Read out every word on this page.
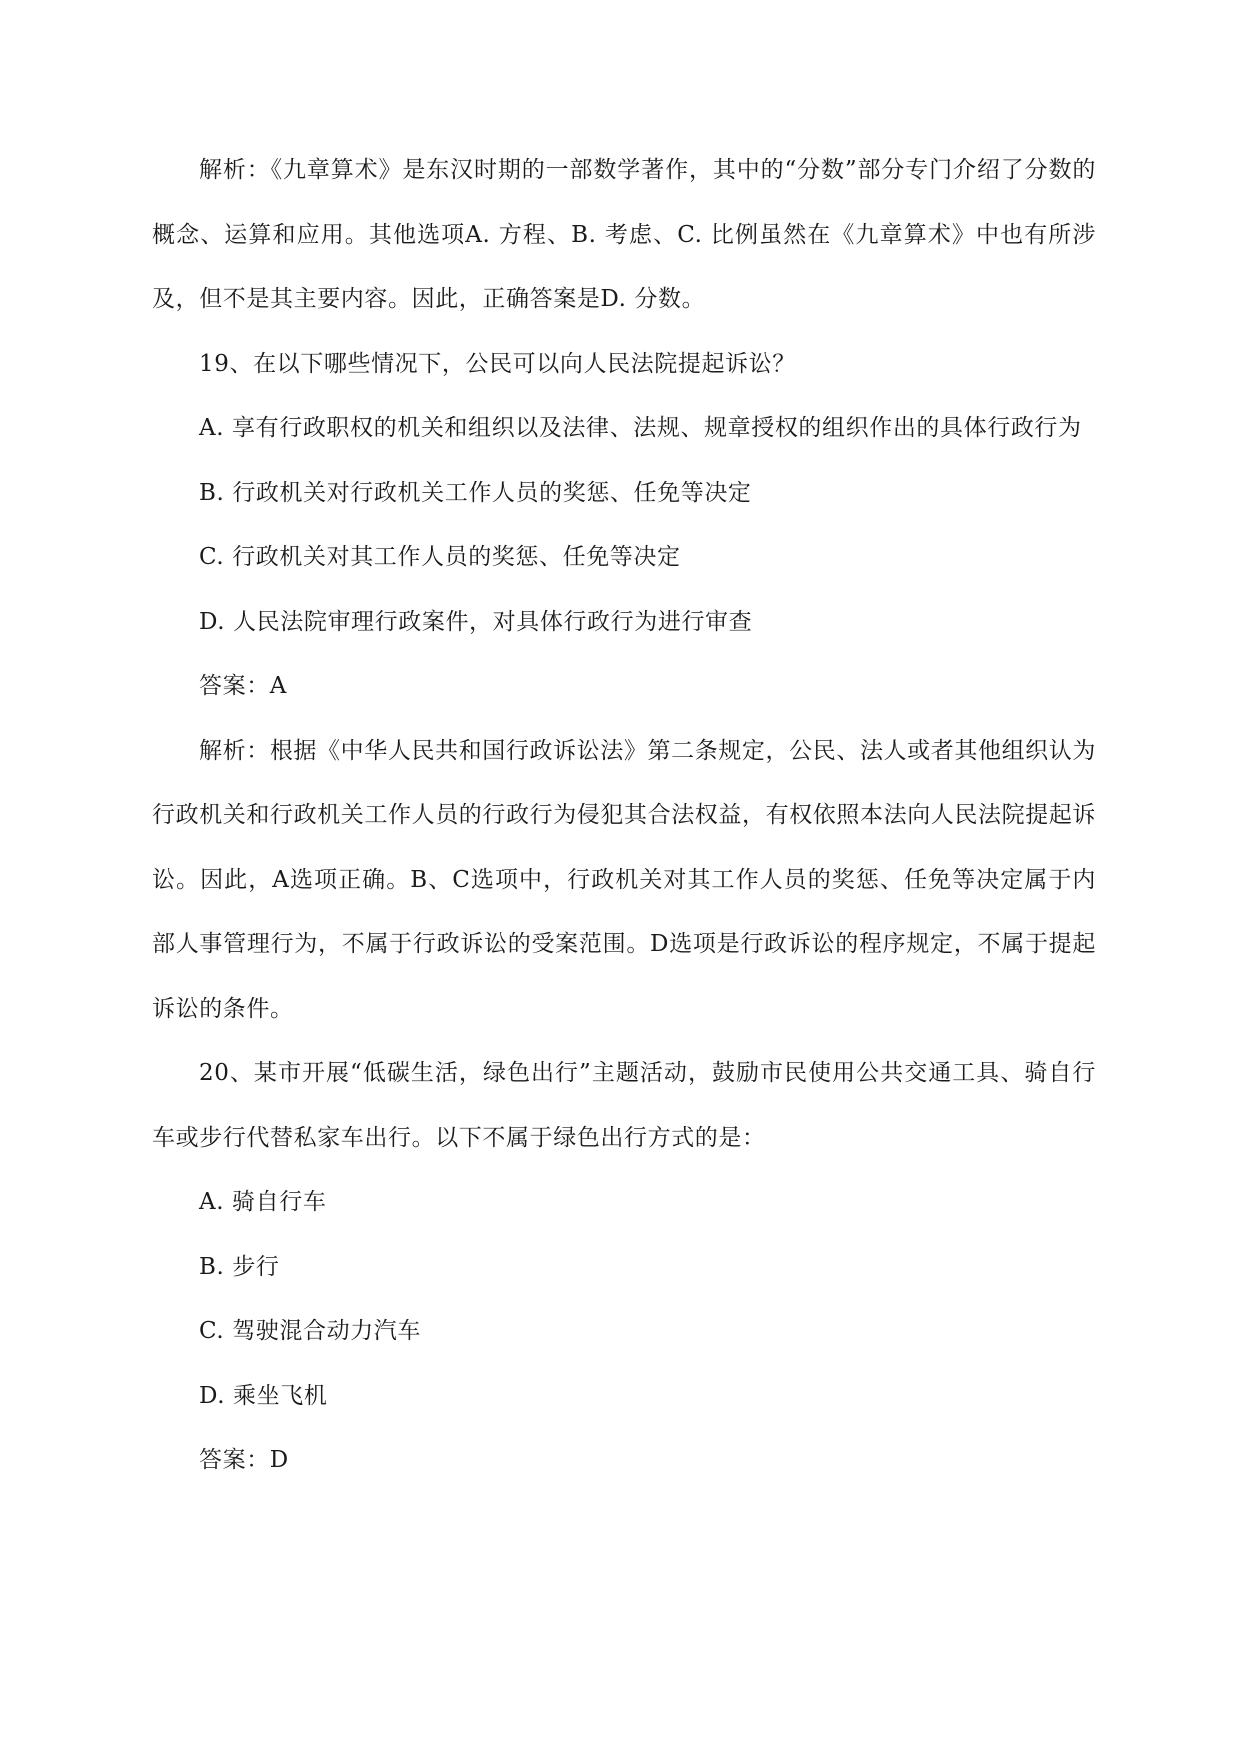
解析：《九章算术》是东汉时期的一部数学著作，其中的“分数”部分专门介绍了分数的概念、运算和应用。其他选项A. 方程、B. 考虑、C. 比例虽然在《九章算术》中也有所涉及，但不是其主要内容。因此，正确答案是D. 分数。

19、在以下哪些情况下，公民可以向人民法院提起诉讼？

A. 享有行政职权的机关和组织以及法律、法规、规章授权的组织作出的具体行政行为

B. 行政机关对行政机关工作人员的奖惩、任免等决定

C. 行政机关对其工作人员的奖惩、任免等决定

D. 人民法院审理行政案件，对具体行政行为进行审查

答案：A

解析：根据《中华人民共和国行政诉讼法》第二条规定，公民、法人或者其他组织认为行政机关和行政机关工作人员的行政行为侵犯其合法权益，有权依照本法向人民法院提起诉讼。因此，A选项正确。B、C选项中，行政机关对其工作人员的奖惩、任免等决定属于内部人事管理行为，不属于行政诉讼的受案范围。D选项是行政诉讼的程序规定，不属于提起诉讼的条件。

20、某市开展“低碳生活，绿色出行”主题活动，鼓励市民使用公共交通工具、骑自行车或步行代替私家车出行。以下不属于绿色出行方式的是：

A. 骑自行车

B. 步行

C. 驾驶混合动力汽车

D. 乘坐飞机

答案：D
